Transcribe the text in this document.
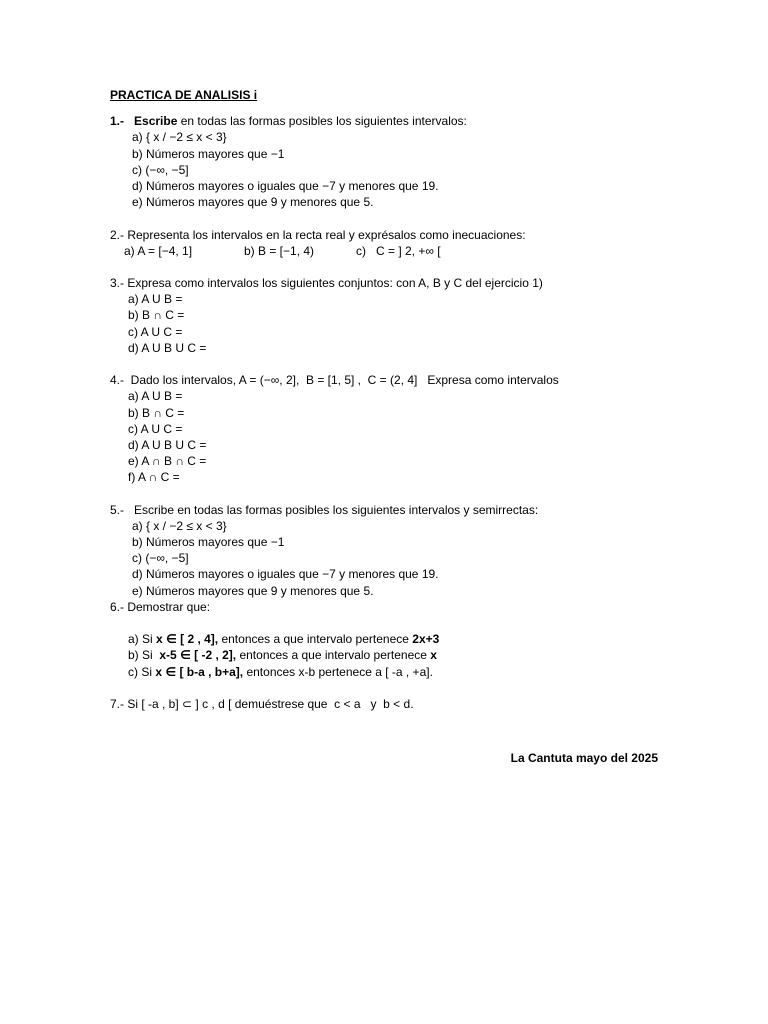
PRACTICA DE ANALISIS i
1.- Escribe en todas las formas posibles los siguientes intervalos:
a) { x / −2 ≤ x < 3}
b) Números mayores que −1
c) (−∞, −5]
d) Números mayores o iguales que −7 y menores que 19.
e) Números mayores que 9 y menores que 5.
2.- Representa los intervalos en la recta real y exprésalos como inecuaciones:
a) A = [−4, 1]	b) B = [−1, 4)	c)   C = ] 2, +∞ [
3.- Expresa como intervalos los siguientes conjuntos: con A, B y C del ejercicio 1)
a) A U B =
b) B ∩ C =
c) A U C =
d) A U B U C =
4.-  Dado los intervalos, A = (−∞, 2],  B = [1, 5] ,  C = (2, 4]   Expresa como intervalos
a) A U B =
b) B ∩ C =
c) A U C =
d) A U B U C =
e) A ∩ B ∩ C =
f) A ∩ C =
5.-   Escribe en todas las formas posibles los siguientes intervalos y semirrectas:
a) { x / −2 ≤ x < 3}
b) Números mayores que −1
c) (−∞, −5]
d) Números mayores o iguales que −7 y menores que 19.
e) Números mayores que 9 y menores que 5.
6.- Demostrar que:
a) Si x ∈ [ 2 , 4], entonces a que intervalo pertenece 2x+3
b) Si  x-5 ∈ [ -2 , 2], entonces a que intervalo pertenece x
c) Si x ∈ [ b-a , b+a], entonces x-b pertenece a [ -a , +a].
7.- Si [ -a , b] ⊂ ] c , d [ demuéstrese que  c < a   y  b < d.
La Cantuta mayo del 2025
